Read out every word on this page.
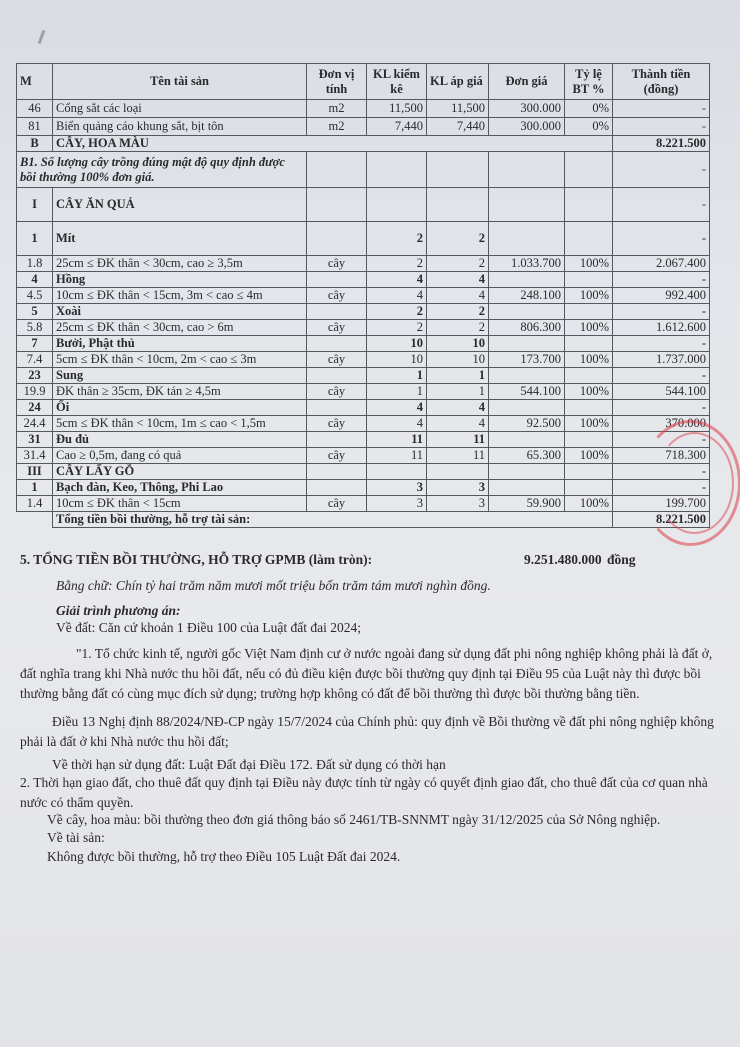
M	Tên tài sản	Đơn vị tính	KL kiểm kê	KL áp giá	Đơn giá	Tỷ lệ BT %	Thành tiền (đồng)
46	Cổng sắt các loại	m2	11,500	11,500	300.000	0%	-
81	Biển quảng cáo khung sắt, bịt tôn	m2	7,440	7,440	300.000	0%	-
B	CÂY, HOA MÀU						8.221.500
B1. Số lượng cây trồng đúng mật độ quy định được bồi thường 100% đơn giá.							-
I	CÂY ĂN QUẢ						-
1	Mít		2	2			-
1.8	25cm ≤ ĐK thân < 30cm, cao ≥ 3,5m	cây	2	2	1.033.700	100%	2.067.400
4	Hồng		4	4			-
4.5	10cm ≤ ĐK thân < 15cm, 3m < cao ≤ 4m	cây	4	4	248.100	100%	992.400
5	Xoài		2	2			-
5.8	25cm ≤ ĐK thân < 30cm, cao > 6m	cây	2	2	806.300	100%	1.612.600
7	Bưởi, Phật thủ		10	10			-
7.4	5cm ≤ ĐK thân < 10cm, 2m < cao ≤ 3m	cây	10	10	173.700	100%	1.737.000
23	Sung		1	1			-
19.9	ĐK thân ≥ 35cm, ĐK tán ≥ 4,5m	cây	1	1	544.100	100%	544.100
24	Ổi		4	4			-
24.4	5cm ≤ ĐK thân < 10cm, 1m ≤ cao < 1,5m	cây	4	4	92.500	100%	370.000
31	Đu đủ		11	11			-
31.4	Cao ≥ 0,5m, đang có quả	cây	11	11	65.300	100%	718.300
III	CÂY LẤY GỖ						-
1	Bạch đàn, Keo, Thông, Phi Lao		3	3			-
1.4	10cm ≤ ĐK thân < 15cm	cây	3	3	59.900	100%	199.700
	Tổng tiền bồi thường, hỗ trợ tài sản:						8.221.500
5. TỔNG TIỀN BỒI THƯỜNG, HỖ TRỢ GPMB (làm tròn):	9.251.480.000 đồng
Bằng chữ: Chín tỷ hai trăm năm mươi mốt triệu bốn trăm tám mươi nghìn đồng.
Giải trình phương án:
Về đất: Căn cứ khoản 1 Điều 100 của Luật đất đai 2024;
"1. Tổ chức kinh tế, người gốc Việt Nam định cư ở nước ngoài đang sử dụng đất phi nông nghiệp không phải là đất ở, đất nghĩa trang khi Nhà nước thu hồi đất, nếu có đủ điều kiện được bồi thường quy định tại Điều 95 của Luật này thì được bồi thường bằng đất có cùng mục đích sử dụng; trường hợp không có đất để bồi thường thì được bồi thường bằng tiền.
Điều 13 Nghị định 88/2024/NĐ-CP ngày 15/7/2024 của Chính phủ: quy định về Bồi thường về đất phi nông nghiệp không phải là đất ở khi Nhà nước thu hồi đất;
Về thời hạn sử dụng đất: Luật Đất đại Điều 172. Đất sử dụng có thời hạn
2. Thời hạn giao đất, cho thuê đất quy định tại Điều này được tính từ ngày có quyết định giao đất, cho thuê đất của cơ quan nhà nước có thẩm quyền.
Về cây, hoa màu: bồi thường theo đơn giá thông báo số 2461/TB-SNNMT ngày 31/12/2025 của Sở Nông nghiệp.
Về tài sản:
Không được bồi thường, hỗ trợ theo Điều 105 Luật Đất đai 2024.
